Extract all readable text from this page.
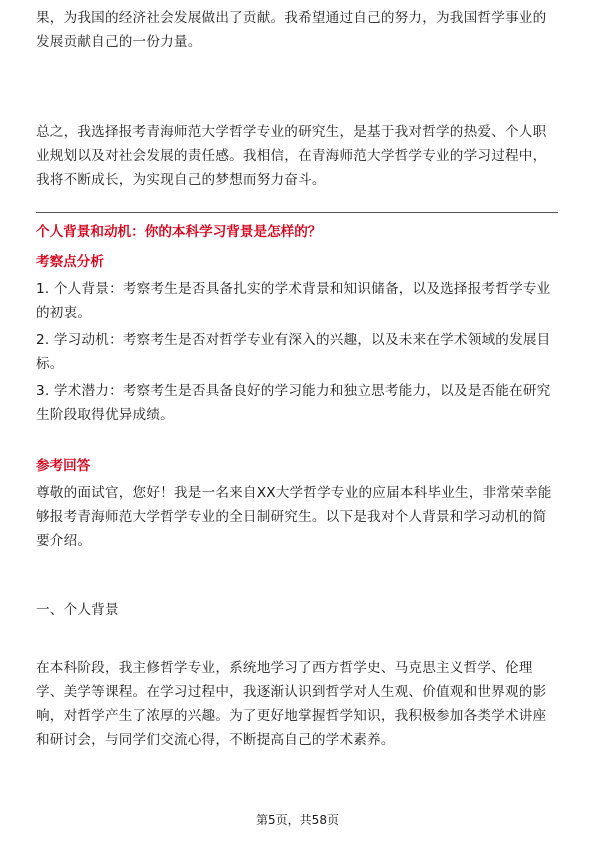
果，为我国的经济社会发展做出了贡献。我希望通过自己的努力，为我国哲学事业的发展贡献自己的一份力量。

总之，我选择报考青海师范大学哲学专业的研究生，是基于我对哲学的热爱、个人职业规划以及对社会发展的责任感。我相信，在青海师范大学哲学专业的学习过程中，我将不断成长，为实现自己的梦想而努力奋斗。

个人背景和动机：你的本科学习背景是怎样的？

考察点分析

1. 个人背景：考察考生是否具备扎实的学术背景和知识储备，以及选择报考哲学专业的初衷。
2. 学习动机：考察考生是否对哲学专业有深入的兴趣，以及未来在学术领域的发展目标。
3. 学术潜力：考察考生是否具备良好的学习能力和独立思考能力，以及是否能在研究生阶段取得优异成绩。

参考回答

尊敬的面试官，您好！我是一名来自XX大学哲学专业的应届本科毕业生，非常荣幸能够报考青海师范大学哲学专业的全日制研究生。以下是我对个人背景和学习动机的简要介绍。

一、个人背景

在本科阶段，我主修哲学专业，系统地学习了西方哲学史、马克思主义哲学、伦理学、美学等课程。在学习过程中，我逐渐认识到哲学对人生观、价值观和世界观的影响，对哲学产生了浓厚的兴趣。为了更好地掌握哲学知识，我积极参加各类学术讲座和研讨会，与同学们交流心得，不断提高自己的学术素养。

第5页，共58页
